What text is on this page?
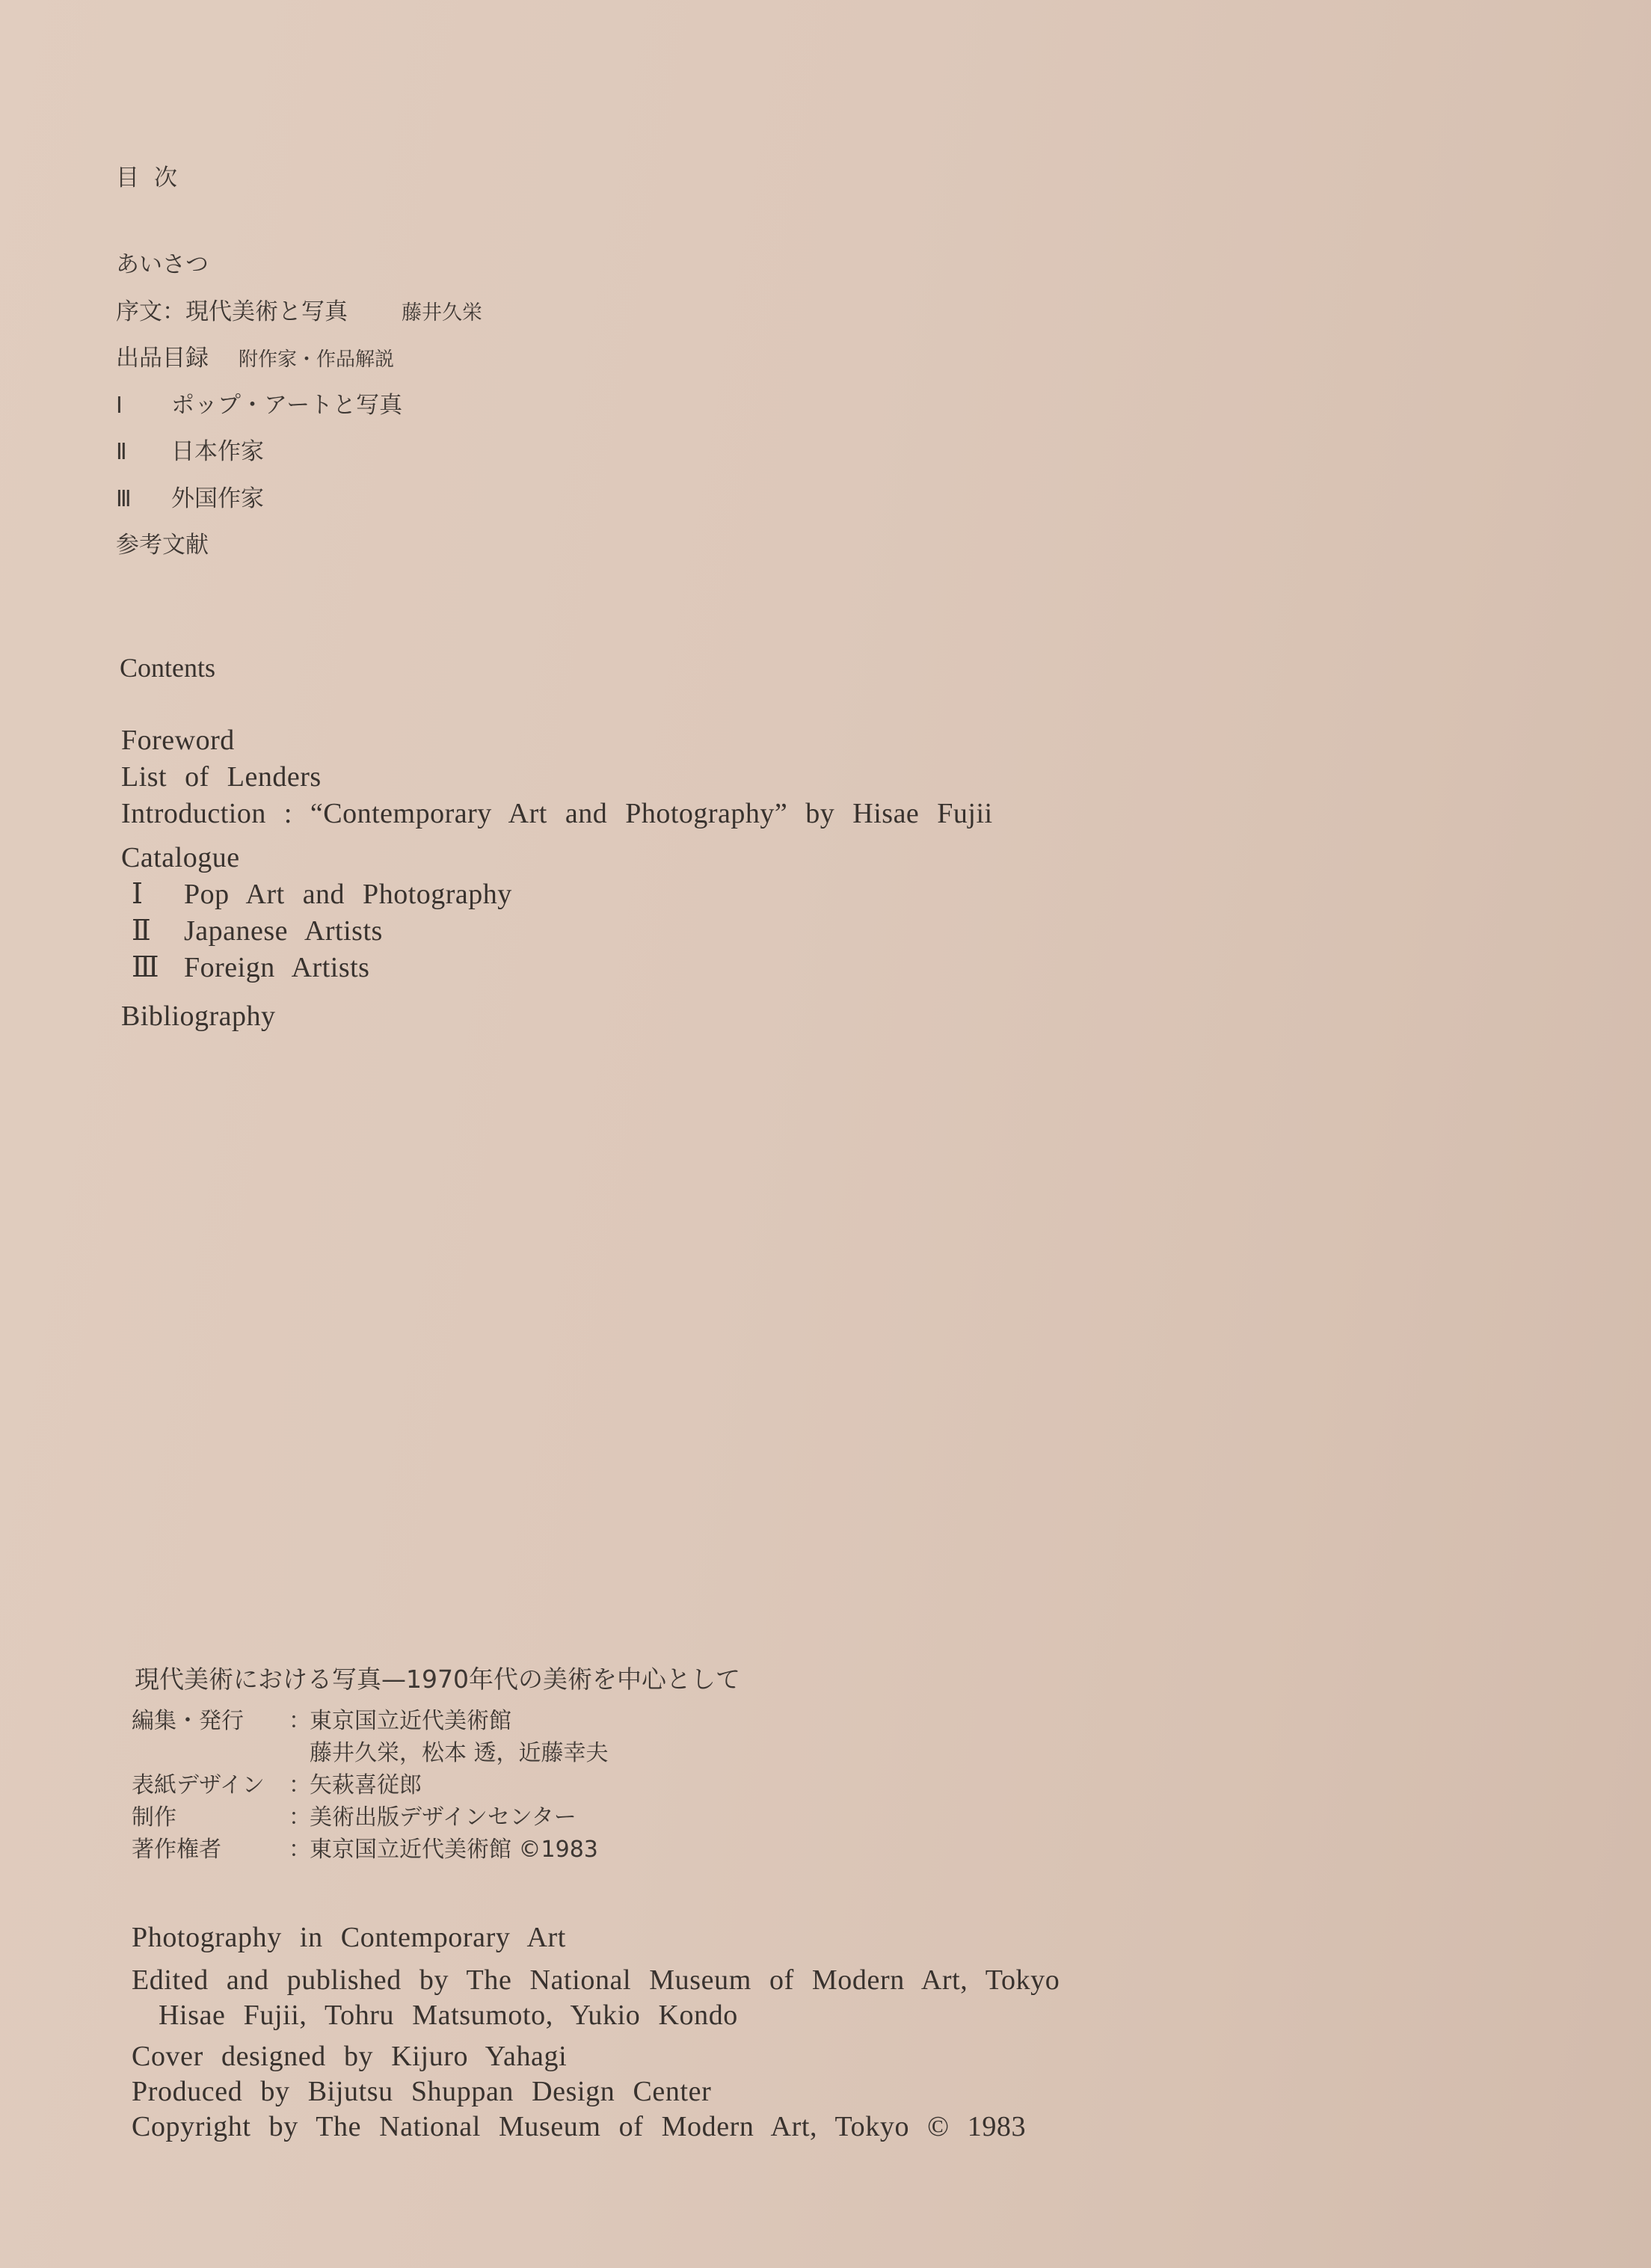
目次
あいさつ
序文：現代美術と写真	藤井久栄
出品目録 附作家・作品解説
Ⅰ ポップ・アートと写真
Ⅱ 日本作家
Ⅲ 外国作家
参考文献
Contents
Foreword
List of Lenders
Introduction : “Contemporary Art and Photography” by Hisae Fujii
Catalogue
Ⅰ Pop Art and Photography
Ⅱ Japanese Artists
Ⅲ Foreign Artists
Bibliography
現代美術における写真—1970年代の美術を中心として
編集・発行	：
東京国立近代美術館
藤井久栄，松本 透，近藤幸夫
表紙デザイン	：
矢萩喜従郎
制作	：
美術出版デザインセンター
著作権者	：
東京国立近代美術館 ©1983
Photography in Contemporary Art
Edited and published by The National Museum of Modern Art, Tokyo
Hisae Fujii, Tohru Matsumoto, Yukio Kondo
Cover designed by Kijuro Yahagi
Produced by Bijutsu Shuppan Design Center
Copyright by The National Museum of Modern Art, Tokyo © 1983
